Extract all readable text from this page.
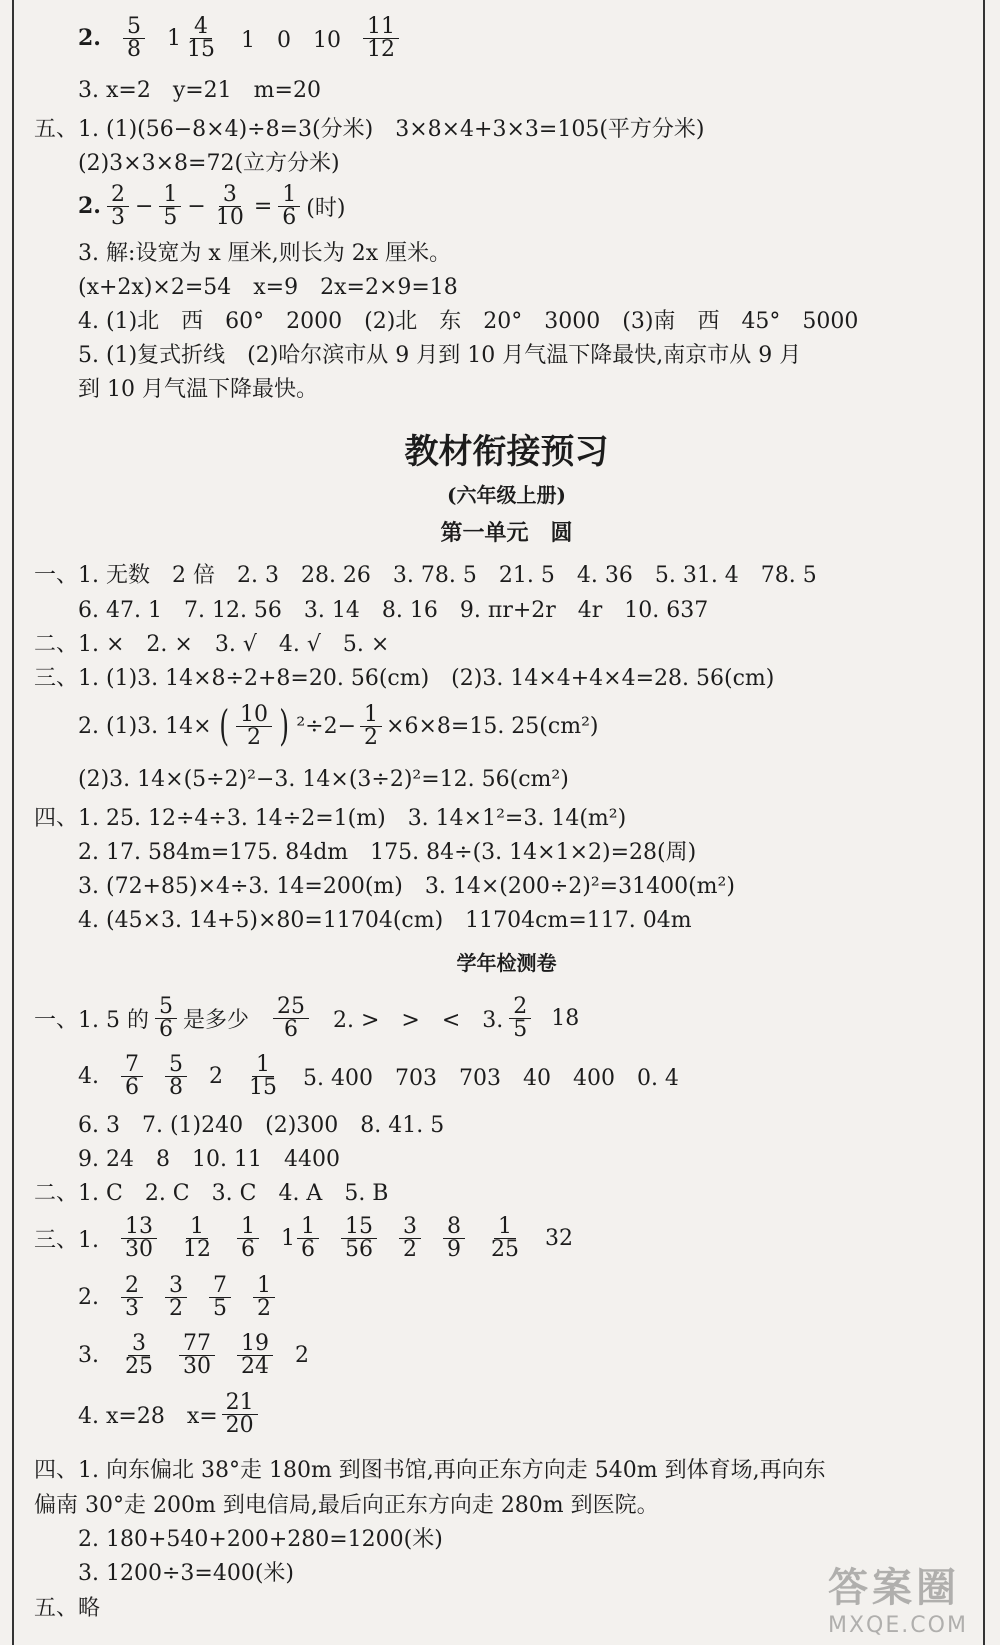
2. $\frac{5}{8} 1 \frac{4}{15} 1$　0　$10 \frac{11}{12}$
3. x=2　y=21　m=20
五、1. (1)(56−8×4)÷8=3(分米)　3×8×4+3×3=105(平方分米)
(2)3×3×8=72(立方分米)
2. $\frac{2}{3} - \frac{1}{5} - \frac{3}{10} = \frac{1}{6}$ (时)
3. 解:设宽为 x 厘米,则长为 2x 厘米。
(x+2x)×2=54　x=9　2x=2×9=18
4. (1)北　西　60°　2000　(2)北　东　20°　3000　(3)南　西　45°　5000
5. (1)复式折线　(2)哈尔滨市从 9 月到 10 月气温下降最快,南京市从 9 月
到 10 月气温下降最快。
教材衔接预习
(六年级上册)
第一单元　圆
一、1. 无数　2 倍　2. 3　28. 26　3. 78. 5　21. 5　4. 36　5. 31. 4　78. 5
6. 47. 1　7. 12. 56　3. 14　8. 16　9. πr+2r　4r　10. 637
二、1. ×　2. ×　3. √　4. √　5. ×
三、1. (1)3. 14×8÷2+8=20. 56(cm)　(2)3. 14×4+4×4=28. 56(cm)
2. (1)3. 14× ( $\frac{10}{2}$ ) $^2\div 2- \frac{1}{2} \times 6\times 8=15$. 25(cm²)
(2)3. 14×(5÷2)²−3. 14×(3÷2)²=12. 56(cm²)
四、1. 25. 12÷4÷3. 14÷2=1(m)　3. 14×1²=3. 14(m²)
2. 17. 584m=175. 84dm　175. 84÷(3. 14×1×2)=28(周)
3. (72+85)×4÷3. 14=200(m)　3. 14×(200÷2)²=31400(m²)
4. (45×3. 14+5)×80=11704(cm)　11704cm=117. 04m
学年检测卷
一、1. 5 的 $\frac{5}{6}$ 是多少 $\frac{25}{6} 2$. >　>　<　3. $\frac{2}{5} 18$
4. $\frac{7}{6} \frac{5}{8} 2 \frac{1}{15} 5$. 400　703　703　40　400　0. 4
6. 3　7. (1)240　(2)300　8. 41. 5
9. 24　8　10. 11　4400
二、1. C　2. C　3. C　4. A　5. B
三、1. $\frac{13}{30} \frac{1}{12} \frac{1}{6} 1 \frac{1}{6} \frac{15}{56} \frac{3}{2} \frac{8}{9} \frac{1}{25} 32$
2. $\frac{2}{3} \frac{3}{2} \frac{7}{5} \frac{1}{2}$
3. $\frac{3}{25} \frac{77}{30} \frac{19}{24} 2$
4. x=28　$x= \frac{21}{20}$
四、1. 向东偏北 38°走 180m 到图书馆,再向正东方向走 540m 到体育场,再向东
偏南 30°走 200m 到电信局,最后向正东方向走 280m 到医院。
2. 180+540+200+280=1200(米)
3. 1200÷3=400(米)
五、略	答案圈
MXQE.COM
